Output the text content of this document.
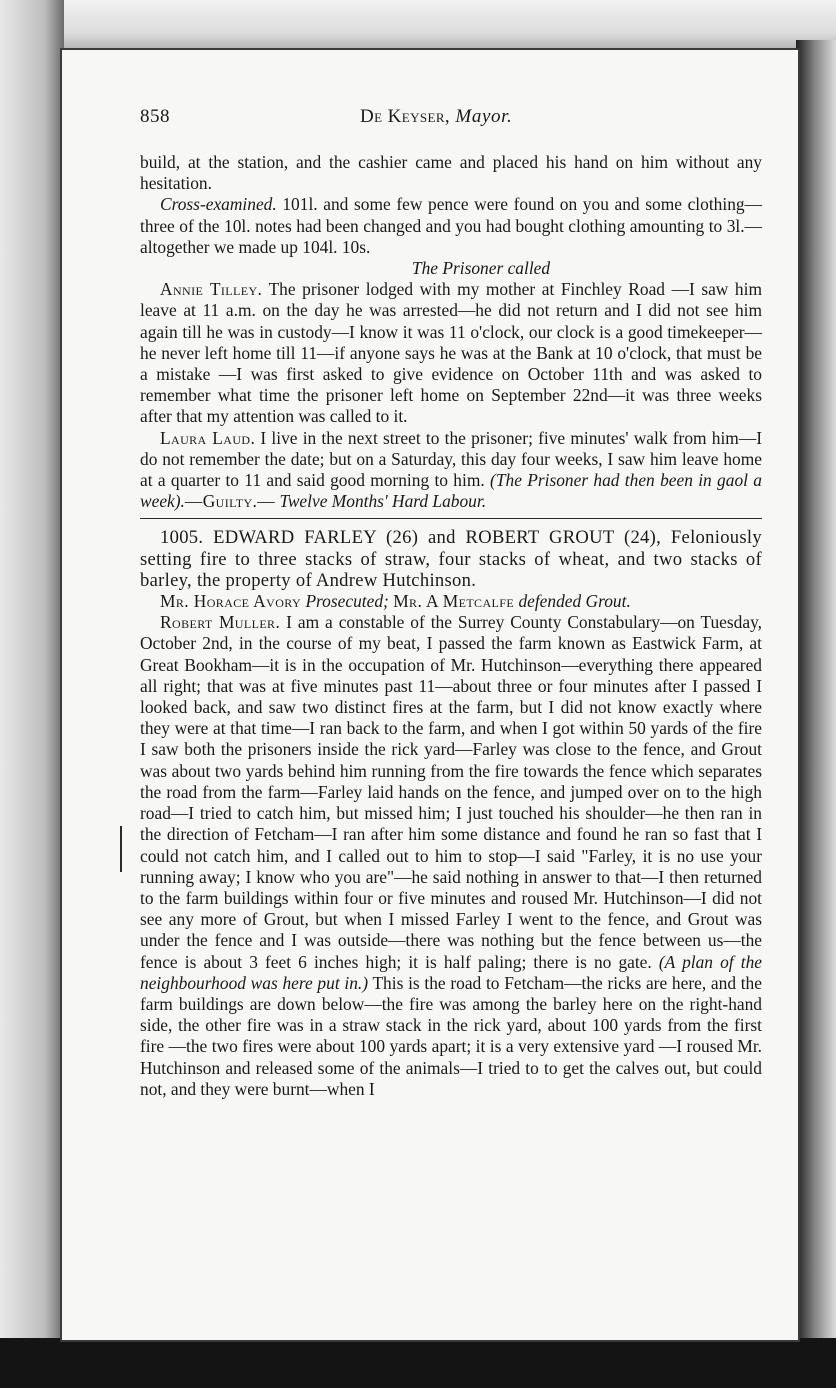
858	De Keyser, Mayor.

build, at the station, and the cashier came and placed his hand on him without any hesitation.

Cross-examined. 101l. and some few pence were found on you and some clothing—three of the 10l. notes had been changed and you had bought clothing amounting to 3l.—altogether we made up 104l. 10s.

The Prisoner called

Annie Tilley. The prisoner lodged with my mother at Finchley Road —I saw him leave at 11 a.m. on the day he was arrested—he did not return and I did not see him again till he was in custody—I know it was 11 o'clock, our clock is a good timekeeper—he never left home till 11—if anyone says he was at the Bank at 10 o'clock, that must be a mistake —I was first asked to give evidence on October 11th and was asked to remember what time the prisoner left home on September 22nd—it was three weeks after that my attention was called to it.

Laura Laud. I live in the next street to the prisoner; five minutes' walk from him—I do not remember the date; but on a Saturday, this day four weeks, I saw him leave home at a quarter to 11 and said good morning to him. (The Prisoner had then been in gaol a week).—Guilty.— Twelve Months' Hard Labour.

1005. EDWARD FARLEY (26) and ROBERT GROUT (24), Feloniously setting fire to three stacks of straw, four stacks of wheat, and two stacks of barley, the property of Andrew Hutchinson.

Mr. Horace Avory Prosecuted; Mr. A Metcalfe defended Grout.

Robert Muller. I am a constable of the Surrey County Constabulary—on Tuesday, October 2nd, in the course of my beat, I passed the farm known as Eastwick Farm, at Great Bookham—it is in the occupation of Mr. Hutchinson—everything there appeared all right; that was at five minutes past 11—about three or four minutes after I passed I looked back, and saw two distinct fires at the farm, but I did not know exactly where they were at that time—I ran back to the farm, and when I got within 50 yards of the fire I saw both the prisoners inside the rick yard—Farley was close to the fence, and Grout was about two yards behind him running from the fire towards the fence which separates the road from the farm—Farley laid hands on the fence, and jumped over on to the high road—I tried to catch him, but missed him; I just touched his shoulder—he then ran in the direction of Fetcham—I ran after him some distance and found he ran so fast that I could not catch him, and I called out to him to stop—I said "Farley, it is no use your running away; I know who you are"—he said nothing in answer to that—I then returned to the farm buildings within four or five minutes and roused Mr. Hutchinson—I did not see any more of Grout, but when I missed Farley I went to the fence, and Grout was under the fence and I was outside—there was nothing but the fence between us—the fence is about 3 feet 6 inches high; it is half paling; there is no gate. (A plan of the neighbourhood was here put in.) This is the road to Fetcham—the ricks are here, and the farm buildings are down below—the fire was among the barley here on the right-hand side, the other fire was in a straw stack in the rick yard, about 100 yards from the first fire —the two fires were about 100 yards apart; it is a very extensive yard —I roused Mr. Hutchinson and released some of the animals—I tried to to get the calves out, but could not, and they were burnt—when I
